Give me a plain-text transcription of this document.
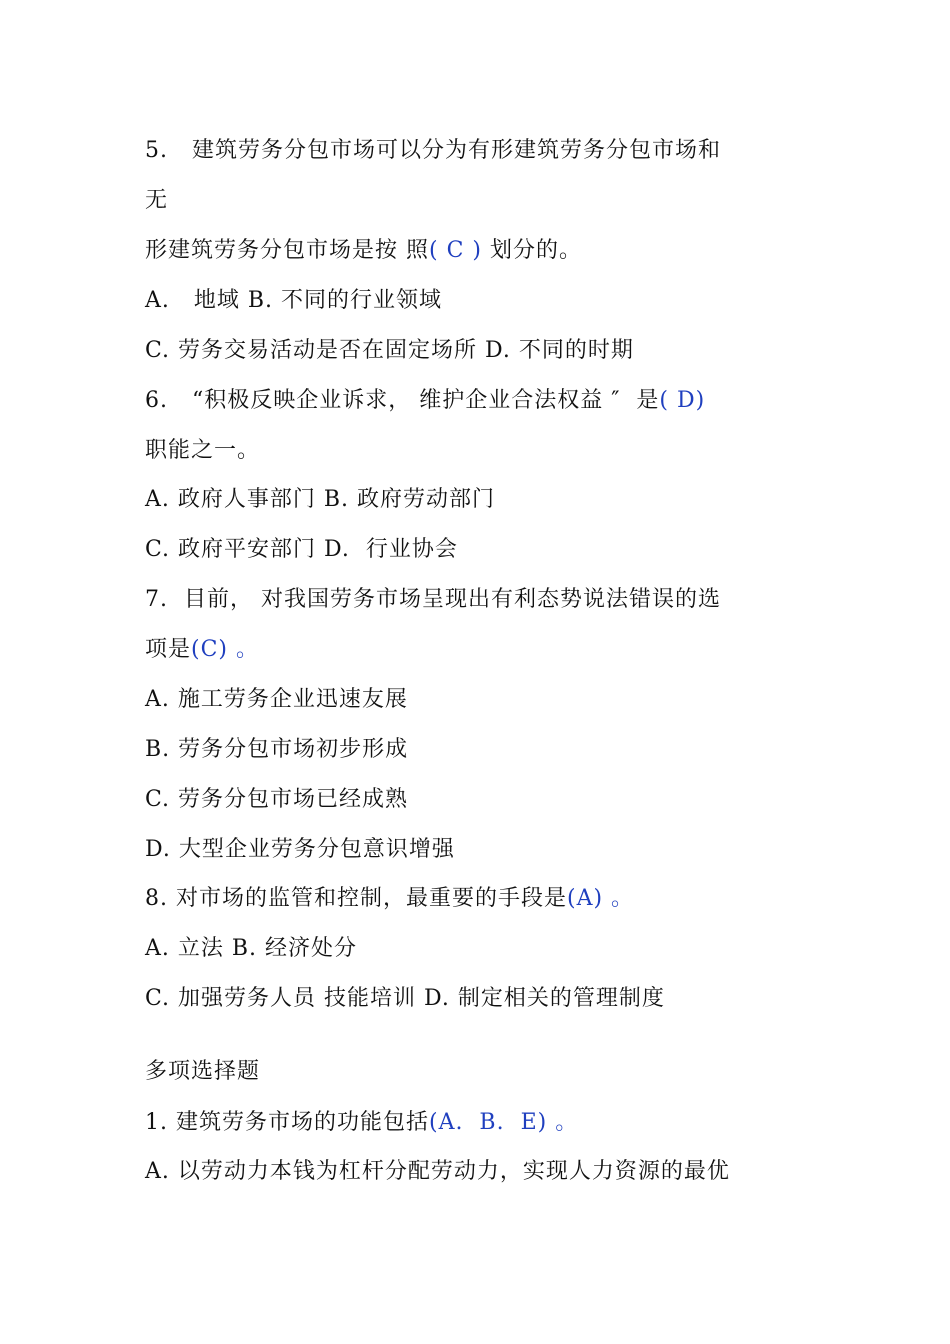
5.   建筑劳务分包市场可以分为有形建筑劳务分包市场和
无
形建筑劳务分包市场是按 照( C ) 划分的。
A.   地域 B. 不同的行业领域
C. 劳务交易活动是否在固定场所 D. 不同的时期
6.   “积极反映企业诉求， 维护企业合法权益 ″  是( D)
职能之一。
A. 政府人事部门 B. 政府劳动部门
C. 政府平安部门 D.  行业协会
7.  目前， 对我国劳务市场呈现出有利态势说法错误的选
项是(C) 。
A. 施工劳务企业迅速友展
B. 劳务分包市场初步形成
C. 劳务分包市场已经成熟
D. 大型企业劳务分包意识增强
8. 对市场的监管和控制，最重要的手段是(A) 。
A. 立法 B. 经济处分
C. 加强劳务人员 技能培训 D. 制定相关的管理制度
多项选择题
1. 建筑劳务市场的功能包括(A.  B.  E) 。
A. 以劳动力本钱为杠杆分配劳动力，实现人力资源的最优
